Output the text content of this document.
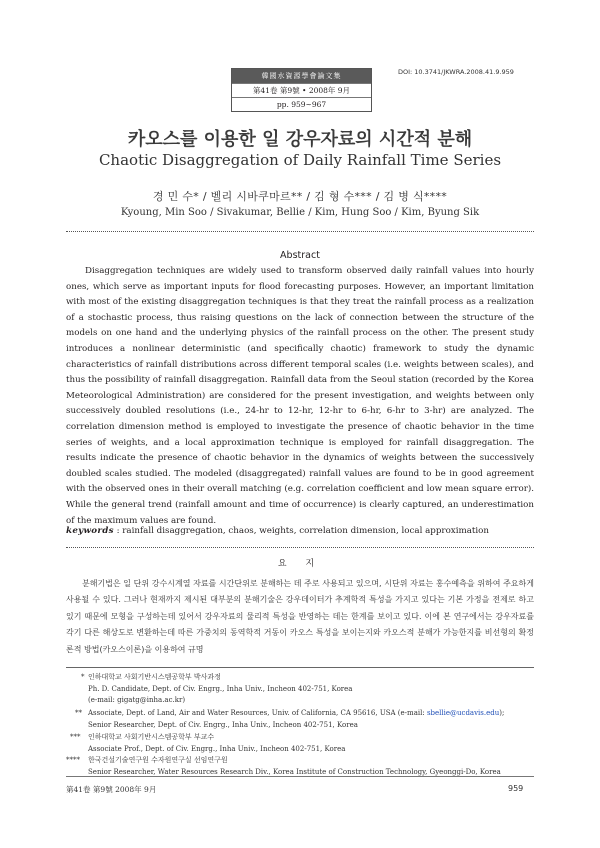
韓國水資源學會論文集
第41卷 第9號 • 2008年 9月
pp. 959~967
DOI: 10.3741/JKWRA.2008.41.9.959
카오스를 이용한 일 강우자료의 시간적 분해
Chaotic Disaggregation of Daily Rainfall Time Series
경 민 수* / 벨리 시바쿠마르** / 김 형 수*** / 김 병 식****
Kyoung, Min Soo / Sivakumar, Bellie / Kim, Hung Soo / Kim, Byung Sik
Abstract

Disaggregation techniques are widely used to transform observed daily rainfall values into hourly ones, which serve as important inputs for flood forecasting purposes. However, an important limitation with most of the existing disaggregation techniques is that they treat the rainfall process as a realization of a stochastic process, thus raising questions on the lack of connection between the structure of the models on one hand and the underlying physics of the rainfall process on the other. The present study introduces a nonlinear deterministic (and specifically chaotic) framework to study the dynamic characteristics of rainfall distributions across different temporal scales (i.e. weights between scales), and thus the possibility of rainfall disaggregation. Rainfall data from the Seoul station (recorded by the Korea Meteorological Administration) are considered for the present investigation, and weights between only successively doubled resolutions (i.e., 24-hr to 12-hr, 12-hr to 6-hr, 6-hr to 3-hr) are analyzed. The correlation dimension method is employed to investigate the presence of chaotic behavior in the time series of weights, and a local approximation technique is employed for rainfall disaggregation. The results indicate the presence of chaotic behavior in the dynamics of weights between the successively doubled scales studied. The modeled (disaggregated) rainfall values are found to be in good agreement with the observed ones in their overall matching (e.g. correlation coefficient and low mean square error). While the general trend (rainfall amount and time of occurrence) is clearly captured, an underestimation of the maximum values are found.

keywords : rainfall disaggregation, chaos, weights, correlation dimension, local approximation
요 지

분해기법은 일 단위 강수시계열 자료를 시간단위로 분해하는 데 주로 사용되고 있으며, 시단위 자료는 홍수예측을 위하여 주요하게 사용될 수 있다. 그러나 현재까지 제시된 대부분의 분해기술은 강우데이터가 추계학적 특성을 가지고 있다는 기본 가정을 전제로 하고 있기 때문에 모형을 구성하는데 있어서 강우자료의 물리적 특성을 반영하는 데는 한계를 보이고 있다. 이에 본 연구에서는 강우자료를 각기 다른 해상도로 변환하는데 따른 가중치의 동역학적 거동이 카오스 특성을 보이는지와 카오스적 분해가 가능한지를 비선형의 확정론적 방법(카오스이론)을 이용하여 규명

* 인하대학교 사회기반시스템공학부 박사과정
Ph. D. Candidate, Dept. of Civ. Engrg., Inha Univ., Incheon 402-751, Korea
(e-mail: gigatg@inha.ac.kr)
** Associate, Dept. of Land, Air and Water Resources, Univ. of California, CA 95616, USA (e-mail: sbellie@ucdavis.edu);
Senior Researcher, Dept. of Civ. Engrg., Inha Univ., Incheon 402-751, Korea
*** 인하대학교 사회기반시스템공학부 부교수
Associate Prof., Dept. of Civ. Engrg., Inha Univ., Incheon 402-751, Korea
**** 한국건설기술연구원 수자원연구실 선임연구원
Senior Researcher, Water Resources Research Div., Korea Institute of Construction Technology, Gyeonggi-Do, Korea
第41卷 第9號 2008年 9月	959
